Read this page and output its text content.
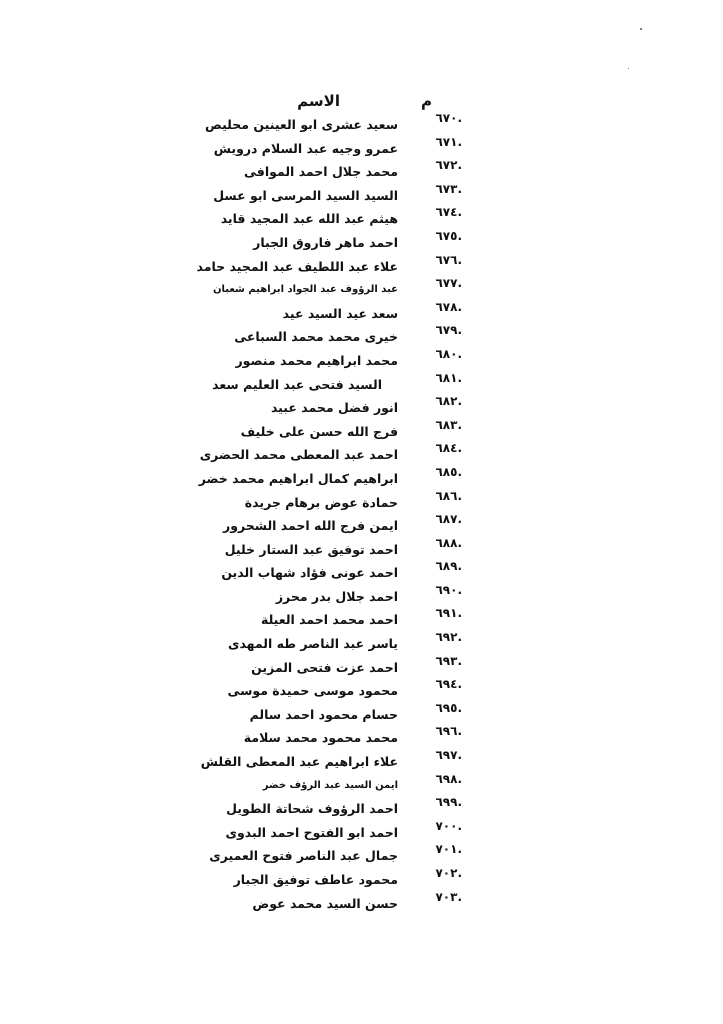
م
الاسم
.٦٧٠
سعيد عشرى ابو العينين محليص
.٦٧١
عمرو وجيه عبد السلام درويش
.٦٧٢
محمد جلال احمد الموافى
.٦٧٣
السيد السيد المرسى ابو عسل
.٦٧٤
هيثم عبد الله عبد المجيد قايد
.٦٧٥
احمد ماهر فاروق الجبار
.٦٧٦
علاء عبد اللطيف عبد المجيد حامد
.٦٧٧
عبد الرؤوف عبد الجواد ابراهيم شعبان
.٦٧٨
سعد عيد السيد عيد
.٦٧٩
خيرى محمد محمد السباعى
.٦٨٠
محمد ابراهيم محمد منصور
.٦٨١
السيد فتحى عبد العليم سعد
.٦٨٢
انور فضل محمد عبيد
.٦٨٣
فرج الله حسن على خليف
.٦٨٤
احمد عبد المعطى محمد الحضرى
.٦٨٥
ابراهيم كمال ابراهيم محمد خضر
.٦٨٦
حمادة عوض برهام جريدة
.٦٨٧
ايمن فرج الله احمد الشحرور
.٦٨٨
احمد توفيق عبد الستار خليل
.٦٨٩
احمد عونى فؤاد شهاب الدين
.٦٩٠
احمد جلال بدر محرز
.٦٩١
احمد محمد احمد العيلة
.٦٩٢
ياسر عبد الناصر طه المهدى
.٦٩٣
احمد عزت فتحى المزين
.٦٩٤
محمود موسى حميدة موسى
.٦٩٥
حسام محمود احمد سالم
.٦٩٦
محمد محمود محمد سلامة
.٦٩٧
علاء ابراهيم عبد المعطى القلش
.٦٩٨
ايمن السيد عبد الرؤف خضر
.٦٩٩
احمد الرؤوف شحاتة الطويل
.٧٠٠
احمد ابو الفتوح احمد البدوى
.٧٠١
جمال عبد الناصر فتوح العميرى
.٧٠٢
محمود عاطف توفيق الجبار
.٧٠٣
حسن السيد محمد عوض
